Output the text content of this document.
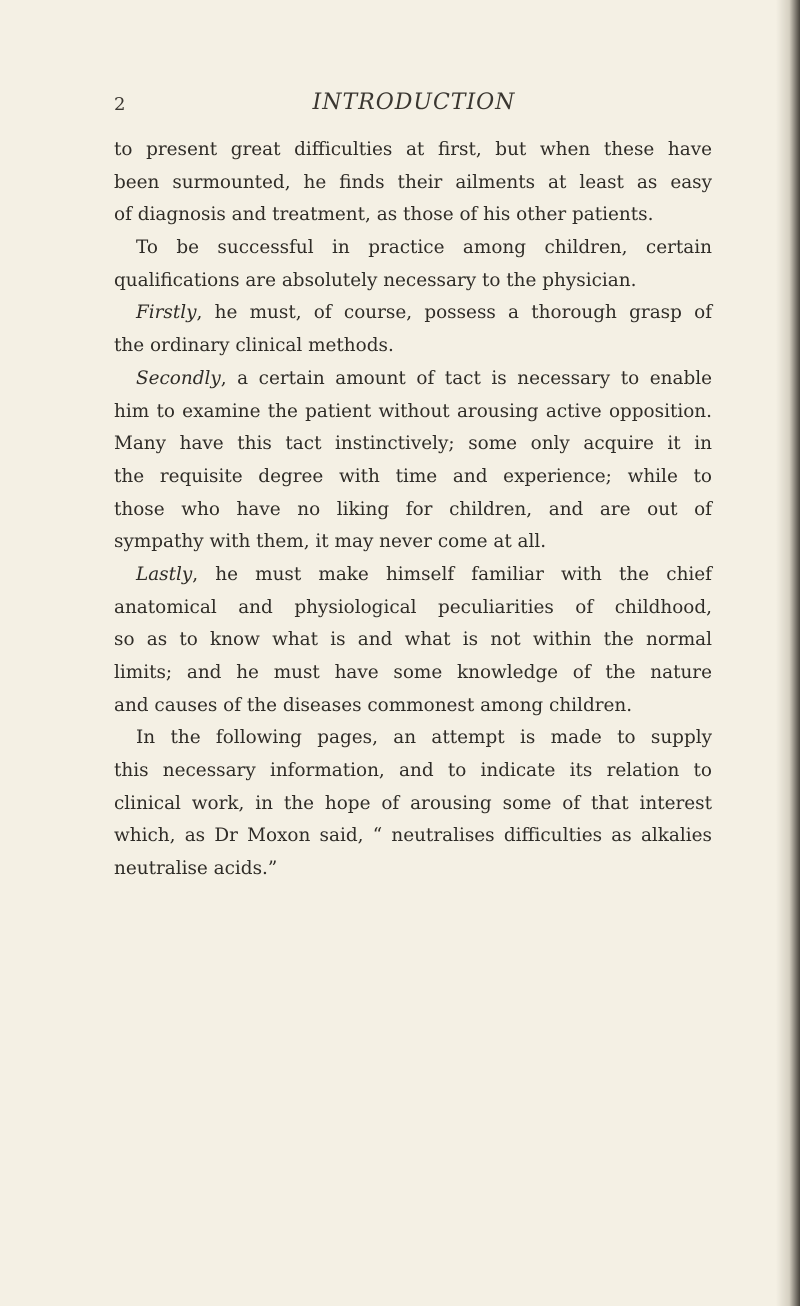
2	INTRODUCTION
to present great difficulties at first, but when these have
been surmounted, he finds their ailments at least as easy
of diagnosis and treatment, as those of his other patients.
To be successful in practice among children, certain
qualifications are absolutely necessary to the physician.
Firstly, he must, of course, possess a thorough grasp of
the ordinary clinical methods.
Secondly, a certain amount of tact is necessary to enable
him to examine the patient without arousing active opposition.
Many have this tact instinctively; some only acquire it in
the requisite degree with time and experience; while to
those who have no liking for children, and are out of
sympathy with them, it may never come at all.
Lastly, he must make himself familiar with the chief
anatomical and physiological peculiarities of childhood,
so as to know what is and what is not within the normal
limits; and he must have some knowledge of the nature
and causes of the diseases commonest among children.
In the following pages, an attempt is made to supply
this necessary information, and to indicate its relation to
clinical work, in the hope of arousing some of that interest
which, as Dr Moxon said, “ neutralises difficulties as alkalies
neutralise acids.”
